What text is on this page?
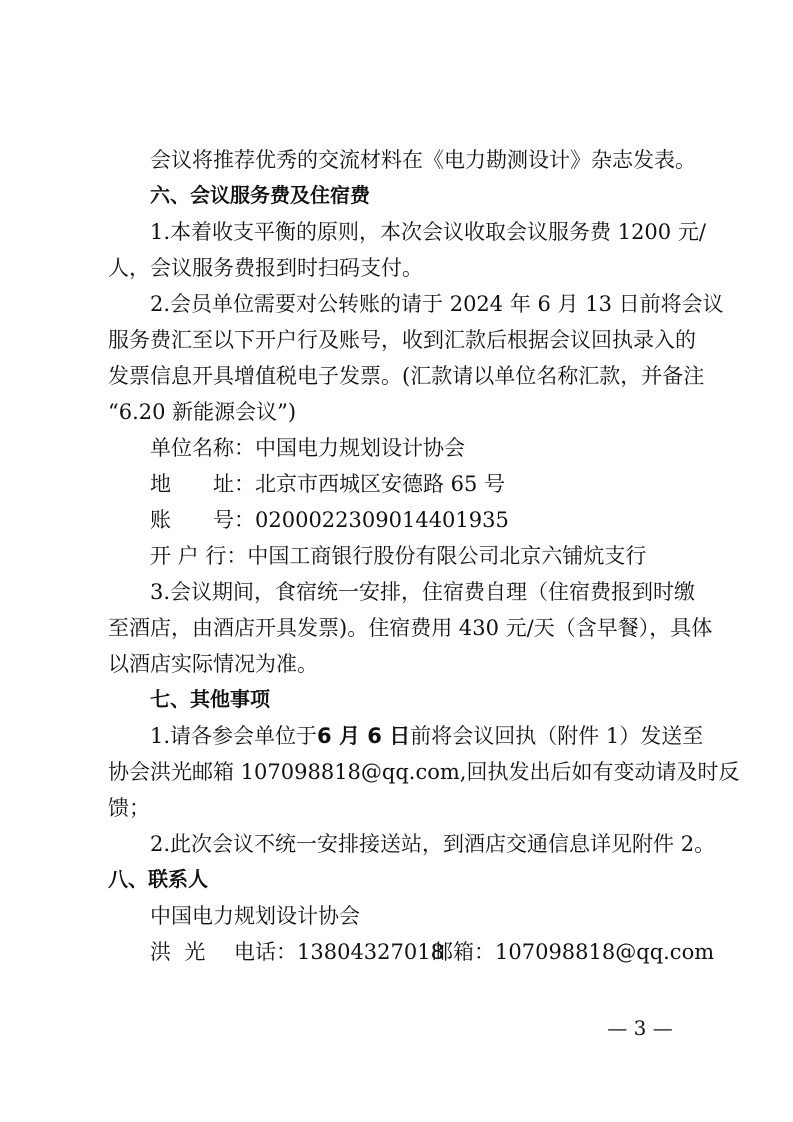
会议将推荐优秀的交流材料在《电力勘测设计》杂志发表。
六、会议服务费及住宿费
1.本着收支平衡的原则，本次会议收取会议服务费 1200 元/
人，会议服务费报到时扫码支付。
2.会员单位需要对公转账的请于 2024 年 6 月 13 日前将会议
服务费汇至以下开户行及账号，收到汇款后根据会议回执录入的
发票信息开具增值税电子发票。(汇款请以单位名称汇款，并备注
“6.20 新能源会议”)
单位名称：中国电力规划设计协会
地 址：北京市西城区安德路 65 号
账 号：0200022309014401935
开 户 行：中国工商银行股份有限公司北京六铺炕支行
3.会议期间，食宿统一安排，住宿费自理（住宿费报到时缴
至酒店，由酒店开具发票)。住宿费用 430 元/天（含早餐），具体
以酒店实际情况为准。
七、其他事项
1.请各参会单位于6 月 6 日前将会议回执（附件 1）发送至
协会洪光邮箱 107098818@qq.com,回执发出后如有变动请及时反
馈；
2.此次会议不统一安排接送站，到酒店交通信息详见附件 2。
八、联系人
中国电力规划设计协会
洪  光 电话：13804327018邮箱：107098818@qq.com
— 3 —
